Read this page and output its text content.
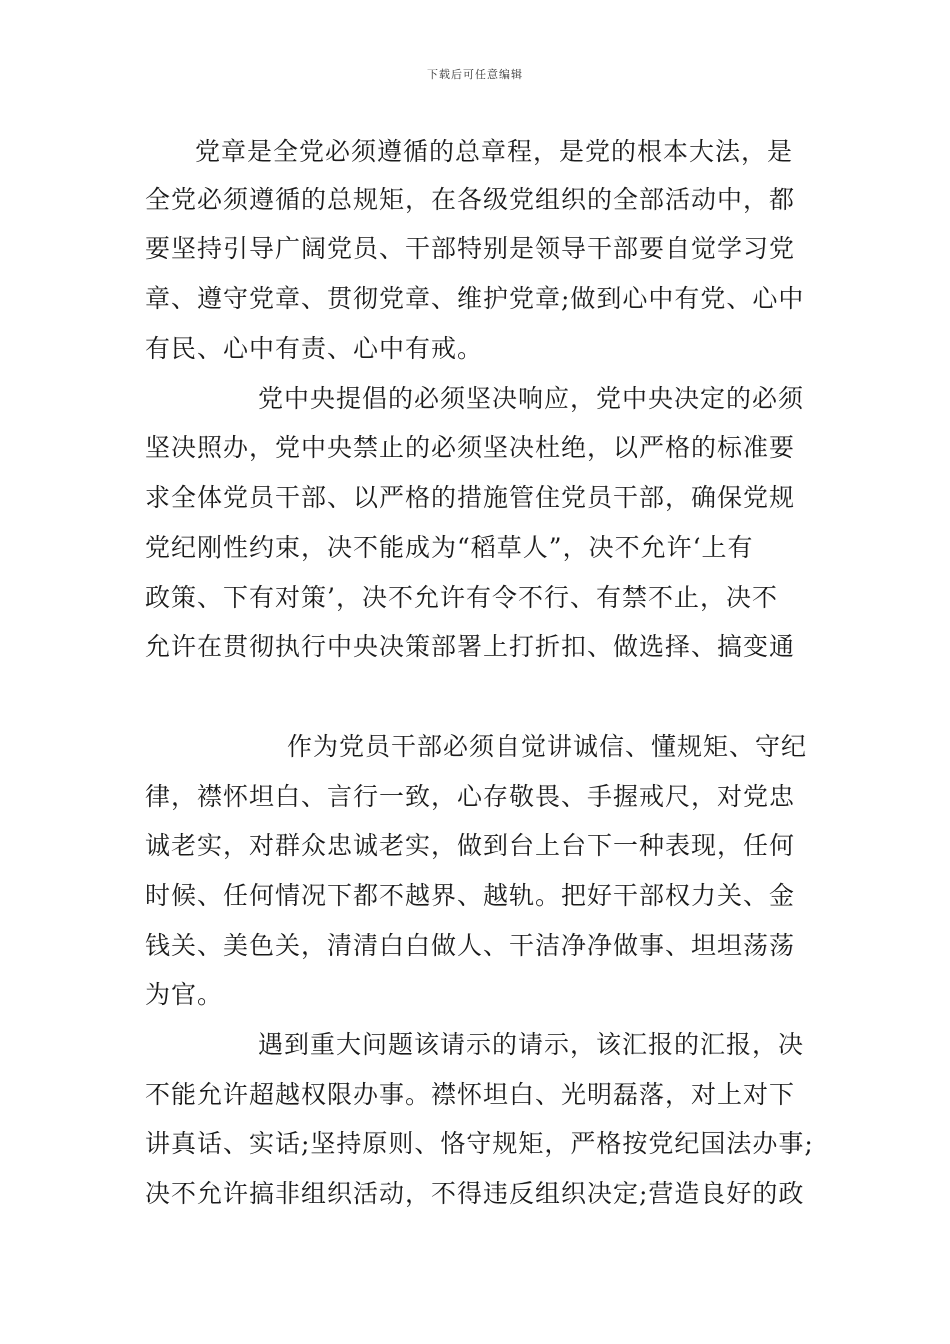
下载后可任意编辑
党章是全党必须遵循的总章程，是党的根本大法，是
全党必须遵循的总规矩，在各级党组织的全部活动中，都
要坚持引导广阔党员、干部特别是领导干部要自觉学习党
章、遵守党章、贯彻党章、维护党章;做到心中有党、心中
有民、心中有责、心中有戒。
党中央提倡的必须坚决响应，党中央决定的必须
坚决照办，党中央禁止的必须坚决杜绝，以严格的标准要
求全体党员干部、以严格的措施管住党员干部，确保党规
党纪刚性约束，决不能成为“稻草人”，决不允许‘上有
政策、下有对策’，决不允许有令不行、有禁不止，决不
允许在贯彻执行中央决策部署上打折扣、做选择、搞变通
作为党员干部必须自觉讲诚信、懂规矩、守纪
律，襟怀坦白、言行一致，心存敬畏、手握戒尺，对党忠
诚老实，对群众忠诚老实，做到台上台下一种表现，任何
时候、任何情况下都不越界、越轨。把好干部权力关、金
钱关、美色关，清清白白做人、干洁净净做事、坦坦荡荡
为官。
遇到重大问题该请示的请示，该汇报的汇报，决
不能允许超越权限办事。襟怀坦白、光明磊落，对上对下
讲真话、实话;坚持原则、恪守规矩，严格按党纪国法办事;
决不允许搞非组织活动，不得违反组织决定;营造良好的政
